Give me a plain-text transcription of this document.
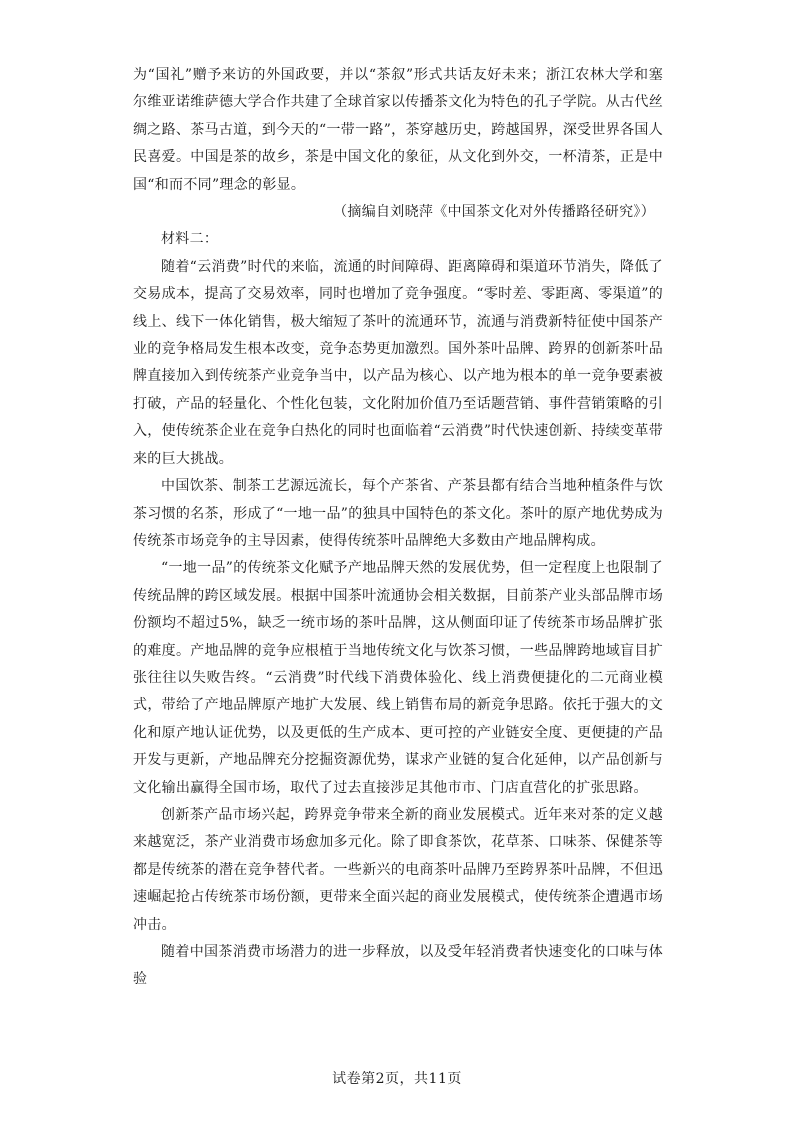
为“国礼”赠予来访的外国政要，并以“茶叙”形式共话友好未来；浙江农林大学和塞尔维亚诺维萨德大学合作共建了全球首家以传播茶文化为特色的孔子学院。从古代丝绸之路、茶马古道，到今天的“一带一路”，茶穿越历史，跨越国界，深受世界各国人民喜爱。中国是茶的故乡，茶是中国文化的象征，从文化到外交，一杯清茶，正是中国“和而不同”理念的彰显。

（摘编自刘晓萍《中国茶文化对外传播路径研究》）

材料二：

随着“云消费”时代的来临，流通的时间障碍、距离障碍和渠道环节消失，降低了交易成本，提高了交易效率，同时也增加了竞争强度。“零时差、零距离、零渠道”的线上、线下一体化销售，极大缩短了茶叶的流通环节，流通与消费新特征使中国茶产业的竞争格局发生根本改变，竞争态势更加激烈。国外茶叶品牌、跨界的创新茶叶品牌直接加入到传统茶产业竞争当中，以产品为核心、以产地为根本的单一竞争要素被打破，产品的轻量化、个性化包装，文化附加价值乃至话题营销、事件营销策略的引入，使传统茶企业在竞争白热化的同时也面临着“云消费”时代快速创新、持续变革带来的巨大挑战。

中国饮茶、制茶工艺源远流长，每个产茶省、产茶县都有结合当地种植条件与饮茶习惯的名茶，形成了“一地一品”的独具中国特色的茶文化。茶叶的原产地优势成为传统茶市场竞争的主导因素，使得传统茶叶品牌绝大多数由产地品牌构成。

“一地一品”的传统茶文化赋予产地品牌天然的发展优势，但一定程度上也限制了传统品牌的跨区域发展。根据中国茶叶流通协会相关数据，目前茶产业头部品牌市场份额均不超过5%，缺乏一统市场的茶叶品牌，这从侧面印证了传统茶市场品牌扩张的难度。产地品牌的竞争应根植于当地传统文化与饮茶习惯，一些品牌跨地域盲目扩张往往以失败告终。“云消费”时代线下消费体验化、线上消费便捷化的二元商业模式，带给了产地品牌原产地扩大发展、线上销售布局的新竞争思路。依托于强大的文化和原产地认证优势，以及更低的生产成本、更可控的产业链安全度、更便捷的产品开发与更新，产地品牌充分挖掘资源优势，谋求产业链的复合化延伸，以产品创新与文化输出赢得全国市场，取代了过去直接涉足其他市市、门店直营化的扩张思路。

创新茶产品市场兴起，跨界竞争带来全新的商业发展模式。近年来对茶的定义越来越宽泛，茶产业消费市场愈加多元化。除了即食茶饮，花草茶、口味茶、保健茶等都是传统茶的潜在竞争替代者。一些新兴的电商茶叶品牌乃至跨界茶叶品牌，不但迅速崛起抢占传统茶市场份额，更带来全面兴起的商业发展模式，使传统茶企遭遇市场冲击。

随着中国茶消费市场潜力的进一步释放，以及受年轻消费者快速变化的口味与体验

试卷第2页，共11页
